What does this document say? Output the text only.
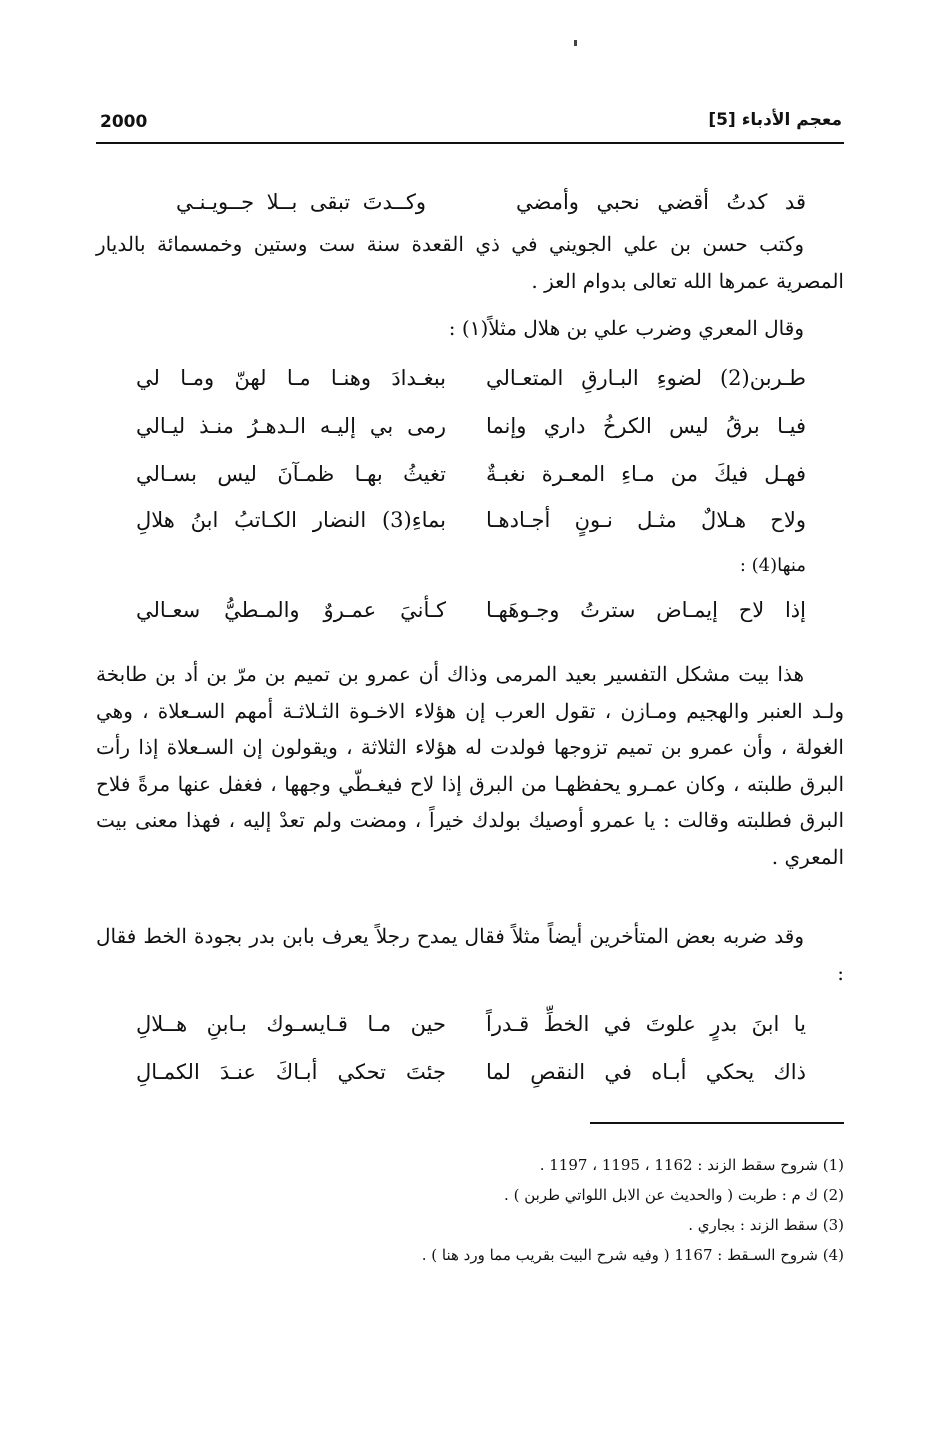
2000	معجم الأدباء [5]
قد كدتُ أقضي نحبي وأمضي
وكــدتَ تبقى بــلا جــويـنـي

وكتب حسن بن علي الجويني في ذي القعدة سنة ست وستين وخمسمائة بالديار المصرية عمرها الله تعالى بدوام العز .

وقال المعري وضرب علي بن هلال مثلاً(١) :

طـربن(2) لضوءِ البـارقِ المتعـالي
ببغـدادَ وهنـا مـا لهنّ ومـا لي
فيـا برقُ ليس الكرخُ داري وإنما
رمى بي إليـه الـدهـرُ منـذ ليـالي
فهـل فيكَ من مـاءِ المعـرة نغبـةٌ
تغيثُ بهـا ظمـآنَ ليس بسـالي
ولاح هـلالٌ مثـل نـونٍ أجـادهـا
بماءِ(3) النضار الكـاتبُ ابنُ هلالِ
منها(4) :
إذا لاح إيمـاض سترتُ وجـوهَهـا
كـأنيَ عمـروٌ والمـطيُّ سعـالي

هذا بيت مشكل التفسير بعيد المرمى وذاك أن عمرو بن تميم بن مرّ بن أد بن طابخة ولـد العنبر والهجيم ومـازن ، تقول العرب إن هؤلاء الاخـوة الثـلاثـة أمهم السـعلاة ، وهي الغولة ، وأن عمرو بن تميم تزوجها فولدت له هؤلاء الثلاثة ، ويقولون إن السـعلاة إذا رأت البرق طلبته ، وكان عمـرو يحفظهـا من البرق إذا لاح فيغـطّي وجهها ، فغفل عنها مرةً فلاح البرق فطلبته وقالت : يا عمرو أوصيك بولدك خيراً ، ومضت ولم تعدْ إليه ، فهذا معنى بيت المعري .

وقد ضربه بعض المتأخرين أيضاً مثلاً فقال يمدح رجلاً يعرف بابن بدر بجودة الخط فقال :

يا ابنَ بدرٍ علوتَ في الخطِّ قـدراً
حين مـا قـايسـوك بـابنِ هــلالِ
ذاك يحكي أبـاه في النقصِ لما
جئتَ تحكي أبـاكَ عنـدَ الكمـالِ
(1) شروح سقط الزند : 1162 ، 1195 ، 1197 .
(2) ك م : طربت ( والحديث عن الابل اللواتي طربن ) .
(3) سقط الزند : بجاري .
(4) شروح السـقط : 1167 ( وفيه شرح البيت بقريب مما ورد هنا ) .
